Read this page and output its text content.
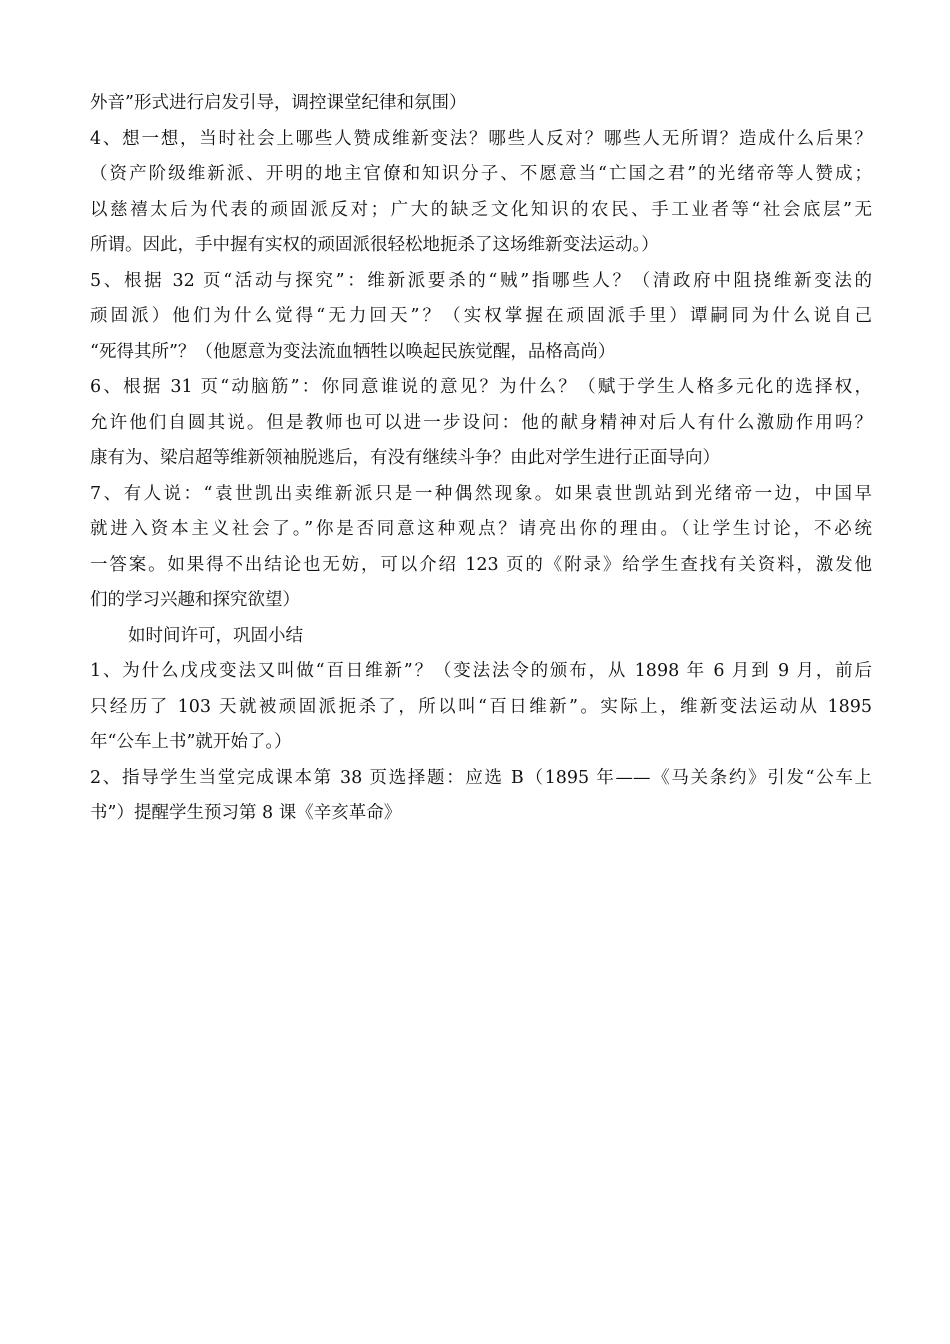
外音”形式进行启发引导，调控课堂纪律和氛围）
4、想一想，当时社会上哪些人赞成维新变法？哪些人反对？哪些人无所谓？造成什么后果？
（资产阶级维新派、开明的地主官僚和知识分子、不愿意当“亡国之君”的光绪帝等人赞成；
以慈禧太后为代表的顽固派反对；广大的缺乏文化知识的农民、手工业者等“社会底层”无
所谓。因此，手中握有实权的顽固派很轻松地扼杀了这场维新变法运动。）
5、根据 32 页“活动与探究”：维新派要杀的“贼”指哪些人？（清政府中阻挠维新变法的
顽固派）他们为什么觉得“无力回天”？（实权掌握在顽固派手里）谭嗣同为什么说自己
“死得其所”？（他愿意为变法流血牺牲以唤起民族觉醒，品格高尚）
6、根据 31 页“动脑筋”：你同意谁说的意见？为什么？（赋于学生人格多元化的选择权，
允许他们自圆其说。但是教师也可以进一步设问：他的献身精神对后人有什么激励作用吗？
康有为、梁启超等维新领袖脱逃后，有没有继续斗争？由此对学生进行正面导向）
7、有人说：“袁世凯出卖维新派只是一种偶然现象。如果袁世凯站到光绪帝一边，中国早
就进入资本主义社会了。”你是否同意这种观点？请亮出你的理由。（让学生讨论，不必统
一答案。如果得不出结论也无妨，可以介绍 123 页的《附录》给学生查找有关资料，激发他
们的学习兴趣和探究欲望）
如时间许可，巩固小结
1、为什么戊戌变法又叫做“百日维新”？（变法法令的颁布，从 1898 年 6 月到 9 月，前后
只经历了 103 天就被顽固派扼杀了，所以叫“百日维新”。实际上，维新变法运动从 1895
年“公车上书”就开始了。）
2、指导学生当堂完成课本第 38 页选择题：应选 B（1895 年——《马关条约》引发“公车上
书”）提醒学生预习第 8 课《辛亥革命》
